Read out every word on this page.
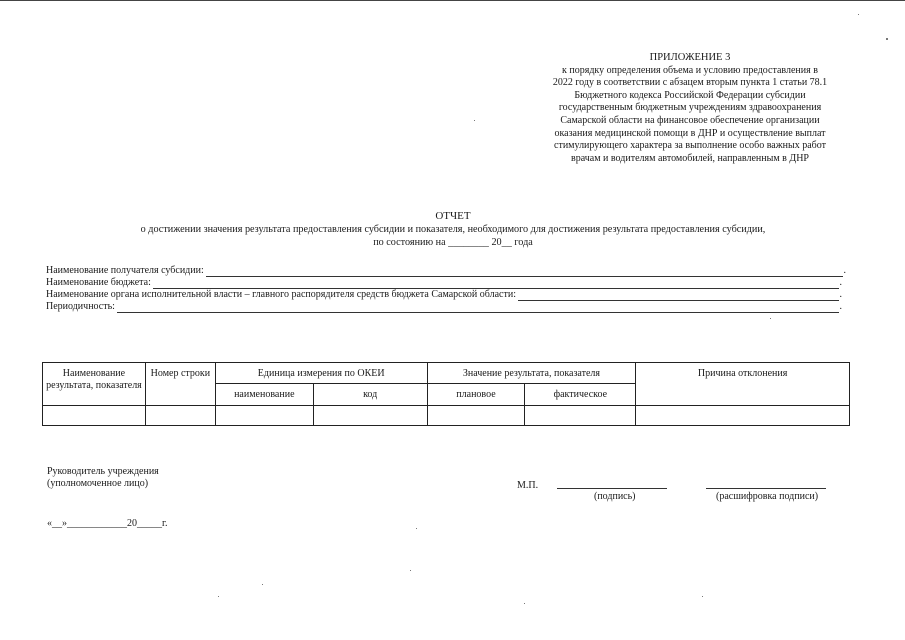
ПРИЛОЖЕНИЕ 3
к порядку определения объема и условию предоставления в
2022 году в соответствии с абзацем вторым пункта 1 статьи 78.1
Бюджетного кодекса Российской Федерации субсидии
государственным бюджетным учреждениям здравоохранения
Самарской области на финансовое обеспечение организации
оказания медицинской помощи в ДНР и осуществление выплат
стимулирующего характера за выполнение особо важных работ
врачам и водителям автомобилей, направленным в ДНР
ОТЧЕТ
о достижении значения результата предоставления субсидии и показателя, необходимого для достижения результата предоставления субсидии,
по состоянию на ________ 20__ года
Наименование получателя субсидии:	.
Наименование бюджета:	.
Наименование органа исполнительной власти – главного распорядителя средств бюджета Самарской области:	.
Периодичность:	.
Наименование результата, показателя	Номер строки	Единица измерения по ОКЕИ		Значение результата, показателя		Причина отклонения
		наименование	код	плановое	фактическое	

Руководитель учреждения
(уполномоченное лицо)	М.П.
(подпись)	(расшифровка подписи)
«__»____________20_____г.
